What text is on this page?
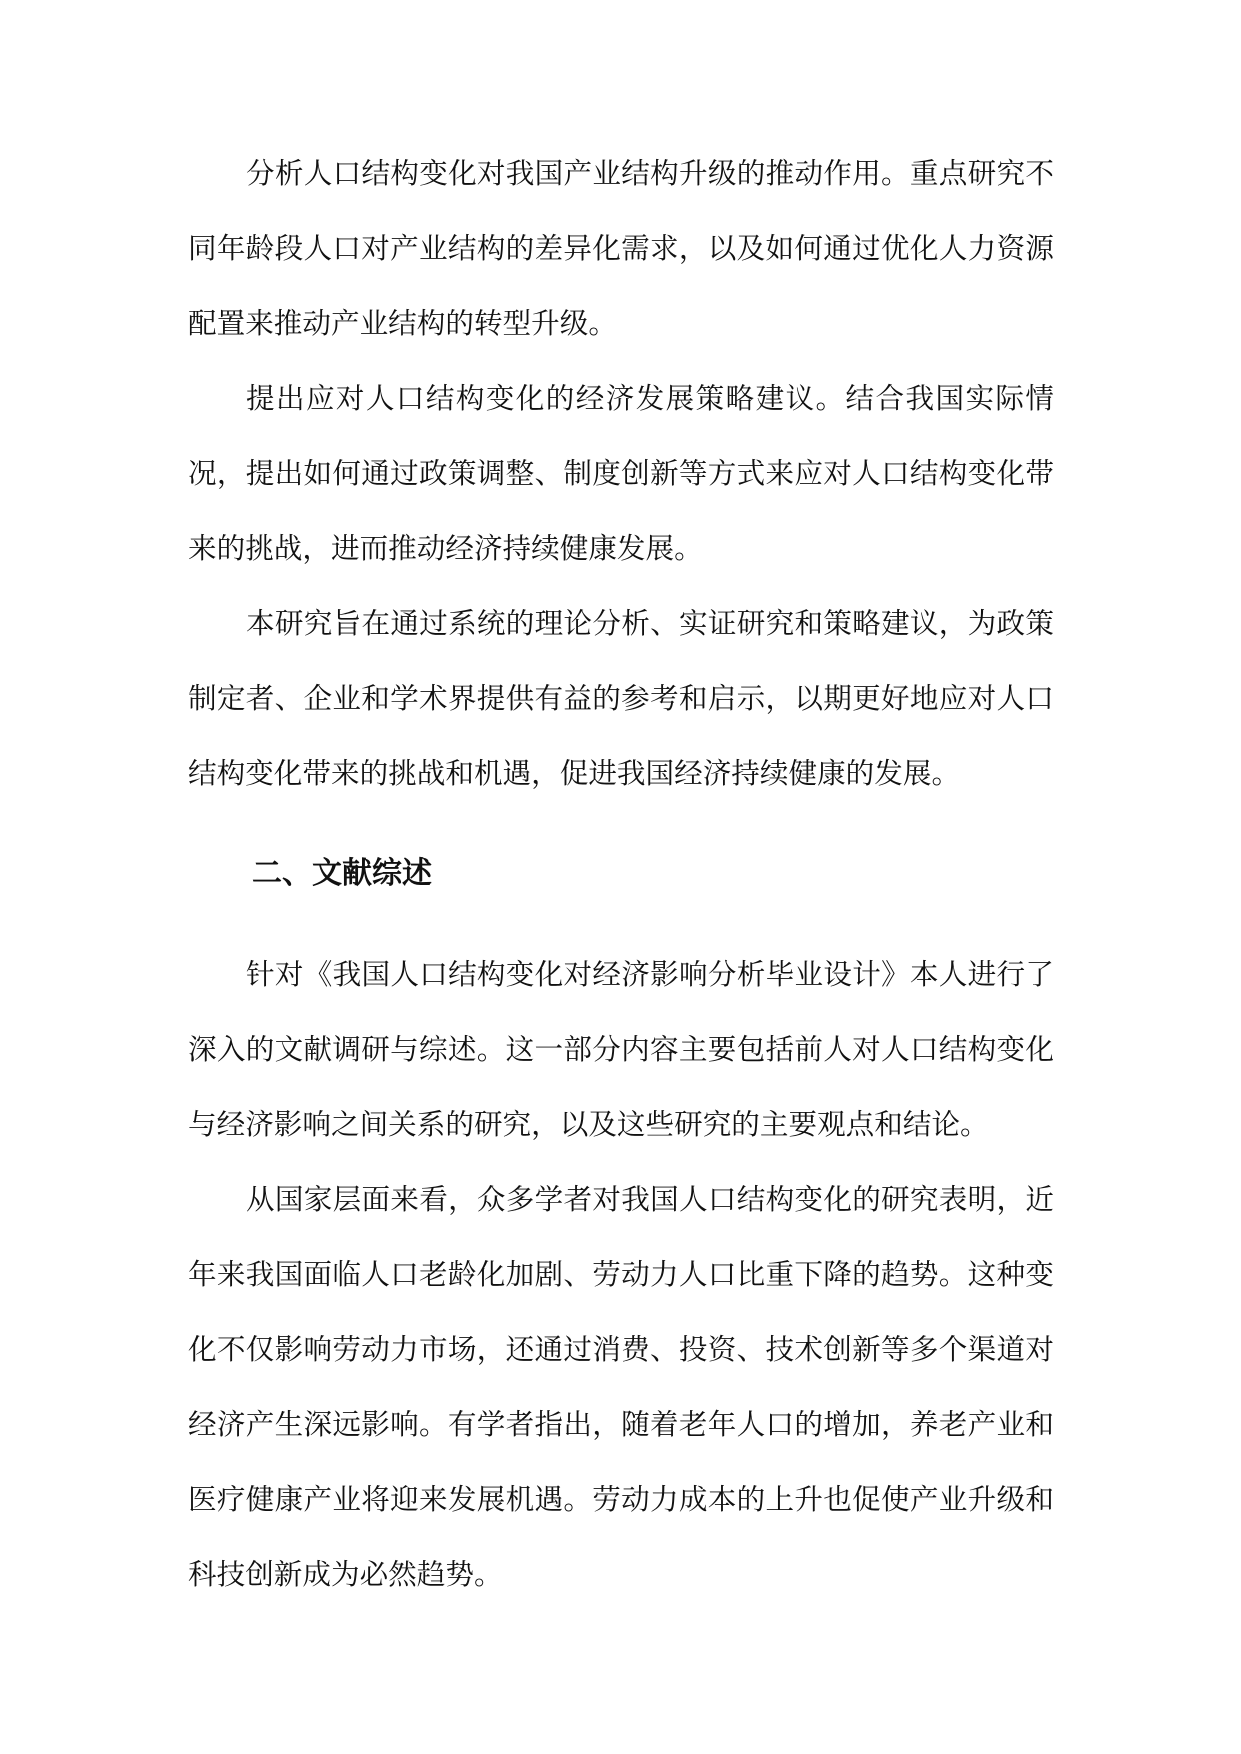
分析人口结构变化对我国产业结构升级的推动作用。重点研究不同年龄段人口对产业结构的差异化需求，以及如何通过优化人力资源配置来推动产业结构的转型升级。

提出应对人口结构变化的经济发展策略建议。结合我国实际情况，提出如何通过政策调整、制度创新等方式来应对人口结构变化带来的挑战，进而推动经济持续健康发展。

本研究旨在通过系统的理论分析、实证研究和策略建议，为政策制定者、企业和学术界提供有益的参考和启示，以期更好地应对人口结构变化带来的挑战和机遇，促进我国经济持续健康的发展。

二、文献综述

针对《我国人口结构变化对经济影响分析毕业设计》本人进行了深入的文献调研与综述。这一部分内容主要包括前人对人口结构变化与经济影响之间关系的研究，以及这些研究的主要观点和结论。

从国家层面来看，众多学者对我国人口结构变化的研究表明，近年来我国面临人口老龄化加剧、劳动力人口比重下降的趋势。这种变化不仅影响劳动力市场，还通过消费、投资、技术创新等多个渠道对经济产生深远影响。有学者指出，随着老年人口的增加，养老产业和医疗健康产业将迎来发展机遇。劳动力成本的上升也促使产业升级和科技创新成为必然趋势。
